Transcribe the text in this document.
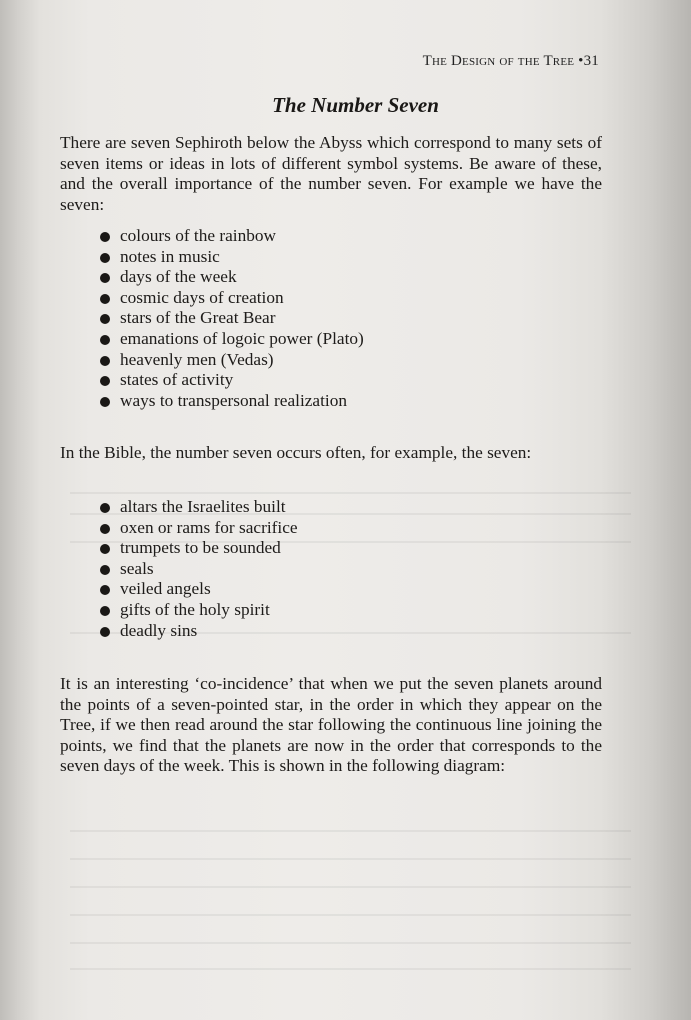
The Design of the Tree •31
The Number Seven

There are seven Sephiroth below the Abyss which correspond to many sets of seven items or ideas in lots of different symbol systems. Be aware of these, and the overall importance of the number seven. For example we have the seven:

colours of the rainbow
notes in music
days of the week
cosmic days of creation
stars of the Great Bear
emanations of logoic power (Plato)
heavenly men (Vedas)
states of activity
ways to transpersonal realization

In the Bible, the number seven occurs often, for example, the seven:

altars the Israelites built
oxen or rams for sacrifice
trumpets to be sounded
seals
veiled angels
gifts of the holy spirit
deadly sins

It is an interesting ‘co-incidence’ that when we put the seven planets around the points of a seven-pointed star, in the order in which they appear on the Tree, if we then read around the star following the continuous line joining the points, we find that the planets are now in the order that corresponds to the seven days of the week. This is shown in the following diagram:
